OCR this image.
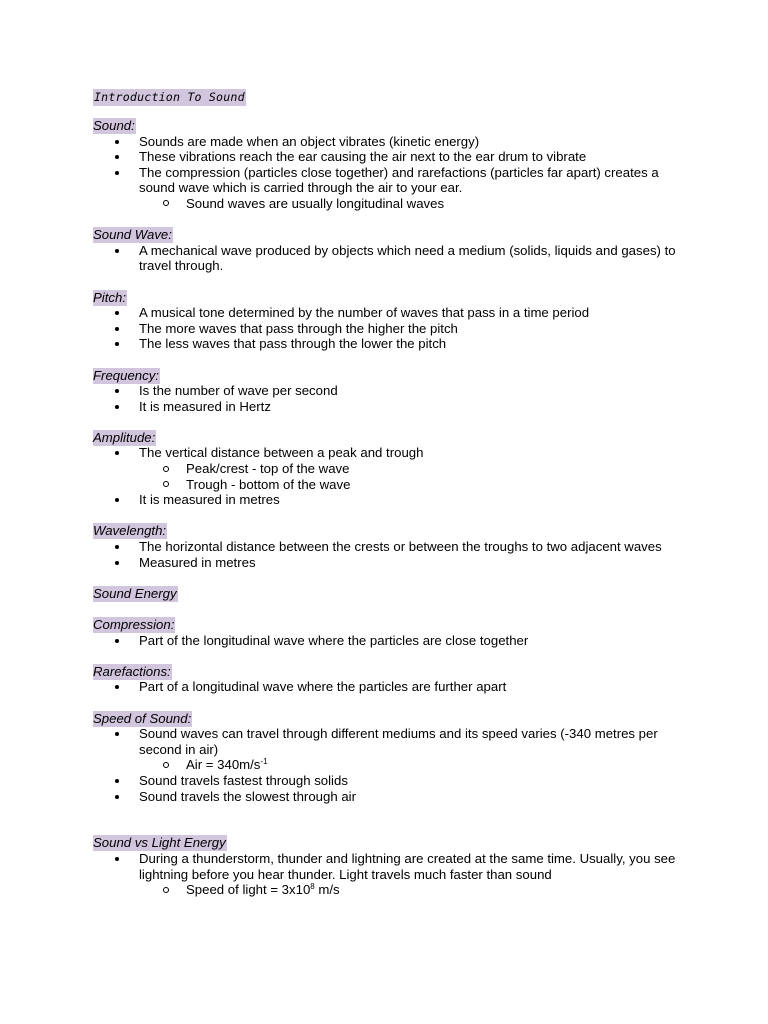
Introduction To Sound
Sound:
Sounds are made when an object vibrates (kinetic energy)
These vibrations reach the ear causing the air next to the ear drum to vibrate
The compression (particles close together) and rarefactions (particles far apart) creates a sound wave which is carried through the air to your ear.
Sound waves are usually longitudinal waves
Sound Wave:
A mechanical wave produced by objects which need a medium (solids, liquids and gases) to travel through.
Pitch:
A musical tone determined by the number of waves that pass in a time period
The more waves that pass through the higher the pitch
The less waves that pass through the lower the pitch
Frequency:
Is the number of wave per second
It is measured in Hertz
Amplitude:
The vertical distance between a peak and trough
Peak/crest - top of the wave
Trough - bottom of the wave
It is measured in metres
Wavelength:
The horizontal distance between the crests or between the troughs to two adjacent waves
Measured in metres
Sound Energy
Compression:
Part of the longitudinal wave where the particles are close together
Rarefactions:
Part of a longitudinal wave where the particles are further apart
Speed of Sound:
Sound waves can travel through different mediums and its speed varies (-340 metres per second in air)
Air = $340m/s^{-1}$
Sound travels fastest through solids
Sound travels the slowest through air
Sound vs Light Energy
During a thunderstorm, thunder and lightning are created at the same time. Usually, you see lightning before you hear thunder. Light travels much faster than sound
Speed of light = $3x10^8$ m/s
